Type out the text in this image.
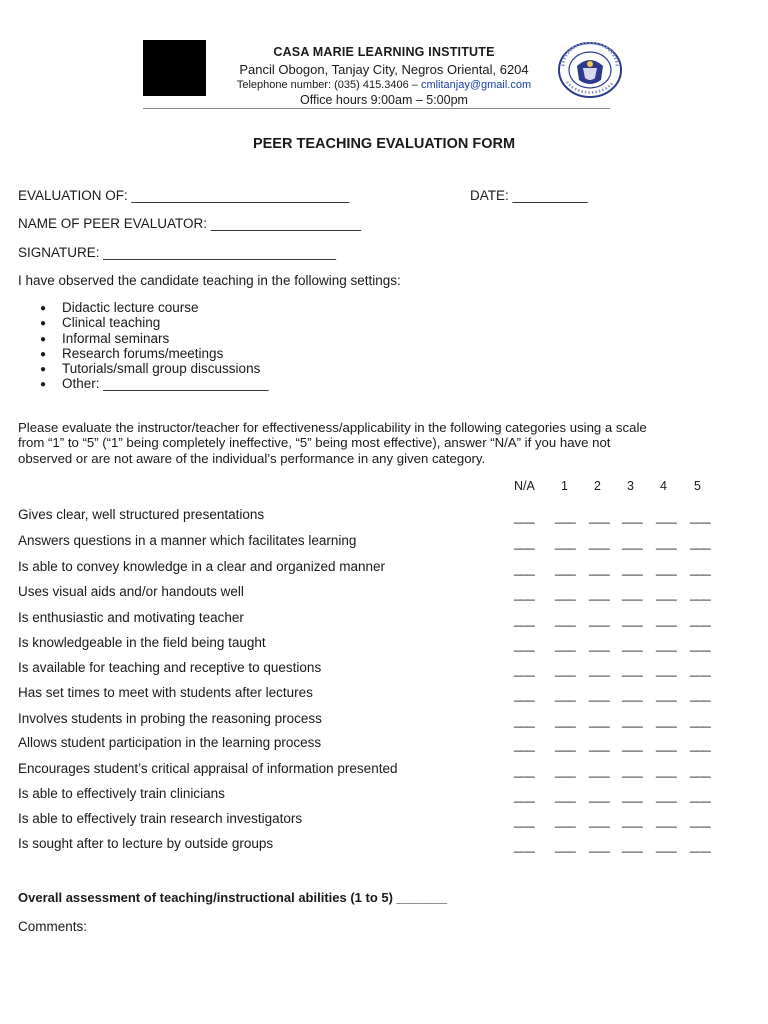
CASA MARIE LEARNING INSTITUTE
Pancil Obogon, Tanjay City, Negros Oriental, 6204
Telephone number: (035) 415.3406 – cmlitanjay@gmail.com
Office hours 9:00am – 5:00pm
PEER TEACHING EVALUATION FORM
EVALUATION OF: _____________________________	DATE: __________
NAME OF PEER EVALUATOR: ____________________
SIGNATURE: _______________________________
I have observed the candidate teaching in the following settings:
● Didactic lecture course
● Clinical teaching
● Informal seminars
● Research forums/meetings
● Tutorials/small group discussions
● Other: ______________________
Please evaluate the instructor/teacher for effectiveness/applicability in the following categories using a scale
from “1” to “5” (“1” being completely ineffective, “5” being most effective), answer “N/A” if you have not
observed or are not aware of the individual’s performance in any given category.
N/A 1 2 3 4 5
Gives clear, well structured presentations	___ ___ ___ ___ ___ ___
Answers questions in a manner which facilitates learning	___ ___ ___ ___ ___ ___
Is able to convey knowledge in a clear and organized manner	___ ___ ___ ___ ___ ___
Uses visual aids and/or handouts well	___ ___ ___ ___ ___ ___
Is enthusiastic and motivating teacher	___ ___ ___ ___ ___ ___
Is knowledgeable in the field being taught	___ ___ ___ ___ ___ ___
Is available for teaching and receptive to questions	___ ___ ___ ___ ___ ___
Has set times to meet with students after lectures	___ ___ ___ ___ ___ ___
Involves students in probing the reasoning process	___ ___ ___ ___ ___ ___
Allows student participation in the learning process	___ ___ ___ ___ ___ ___
Encourages student’s critical appraisal of information presented	___ ___ ___ ___ ___ ___
Is able to effectively train clinicians	___ ___ ___ ___ ___ ___
Is able to effectively train research investigators	___ ___ ___ ___ ___ ___
Is sought after to lecture by outside groups	___ ___ ___ ___ ___ ___
Overall assessment of teaching/instructional abilities (1 to 5) _______
Comments:
